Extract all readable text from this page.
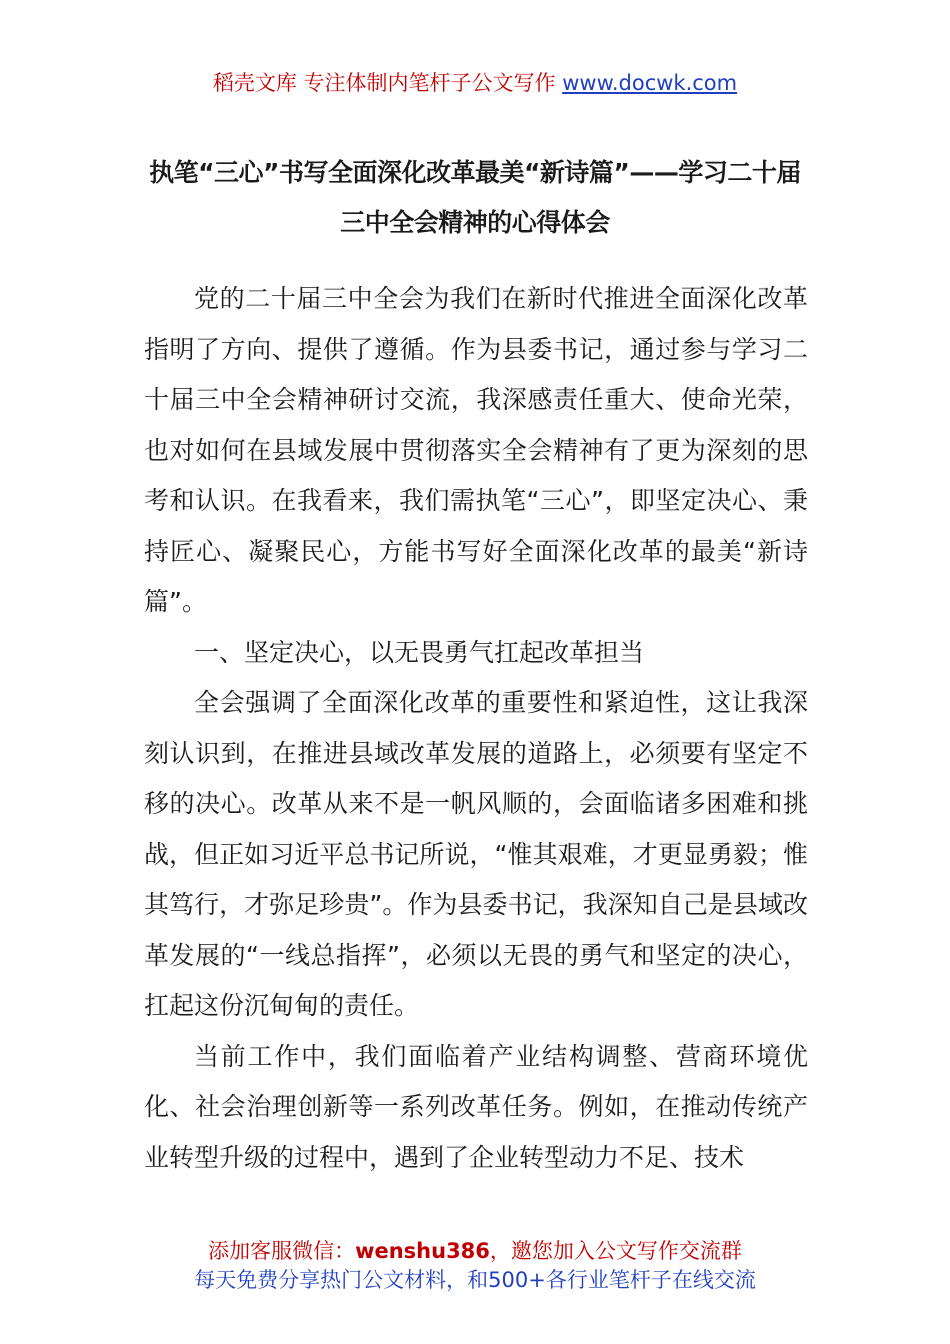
稻壳文库 专注体制内笔杆子公文写作 www.docwk.com
执笔“三心”书写全面深化改革最美“新诗篇”——学习二十届
三中全会精神的心得体会

党的二十届三中全会为我们在新时代推进全面深化改革指明了方向、提供了遵循。作为县委书记，通过参与学习二十届三中全会精神研讨交流，我深感责任重大、使命光荣，也对如何在县域发展中贯彻落实全会精神有了更为深刻的思考和认识。在我看来，我们需执笔“三心”，即坚定决心、秉持匠心、凝聚民心，方能书写好全面深化改革的最美“新诗篇”。

一、坚定决心，以无畏勇气扛起改革担当

全会强调了全面深化改革的重要性和紧迫性，这让我深刻认识到，在推进县域改革发展的道路上，必须要有坚定不移的决心。改革从来不是一帆风顺的，会面临诸多困难和挑战，但正如习近平总书记所说，“惟其艰难，才更显勇毅；惟其笃行，才弥足珍贵”。作为县委书记，我深知自己是县域改革发展的“一线总指挥”，必须以无畏的勇气和坚定的决心，扛起这份沉甸甸的责任。

当前工作中，我们面临着产业结构调整、营商环境优化、社会治理创新等一系列改革任务。例如，在推动传统产业转型升级的过程中，遇到了企业转型动力不足、技术

添加客服微信：wenshu386，邀您加入公文写作交流群
每天免费分享热门公文材料，和500+各行业笔杆子在线交流
